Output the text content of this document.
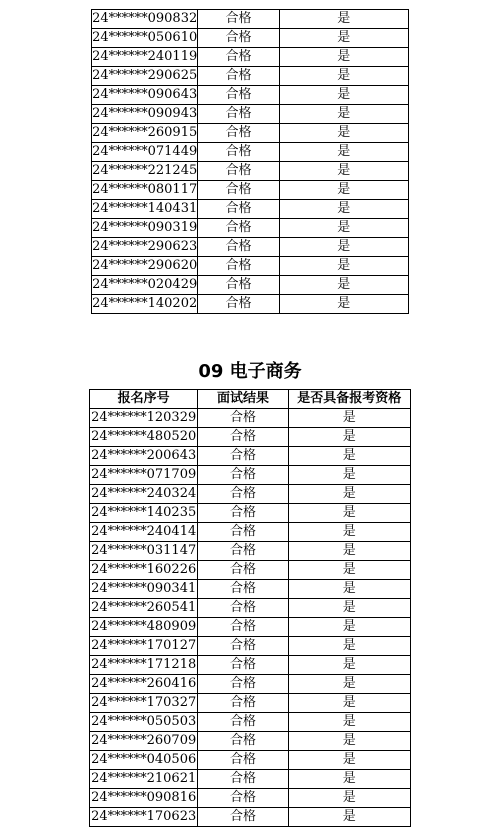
24******090832	合格	是
24******050610	合格	是
24******240119	合格	是
24******290625	合格	是
24******090643	合格	是
24******090943	合格	是
24******260915	合格	是
24******071449	合格	是
24******221245	合格	是
24******080117	合格	是
24******140431	合格	是
24******090319	合格	是
24******290623	合格	是
24******290620	合格	是
24******020429	合格	是
24******140202	合格	是
09 电子商务
报名序号	面试结果	是否具备报考资格
24******120329	合格	是
24******480520	合格	是
24******200643	合格	是
24******071709	合格	是
24******240324	合格	是
24******140235	合格	是
24******240414	合格	是
24******031147	合格	是
24******160226	合格	是
24******090341	合格	是
24******260541	合格	是
24******480909	合格	是
24******170127	合格	是
24******171218	合格	是
24******260416	合格	是
24******170327	合格	是
24******050503	合格	是
24******260709	合格	是
24******040506	合格	是
24******210621	合格	是
24******090816	合格	是
24******170623	合格	是
